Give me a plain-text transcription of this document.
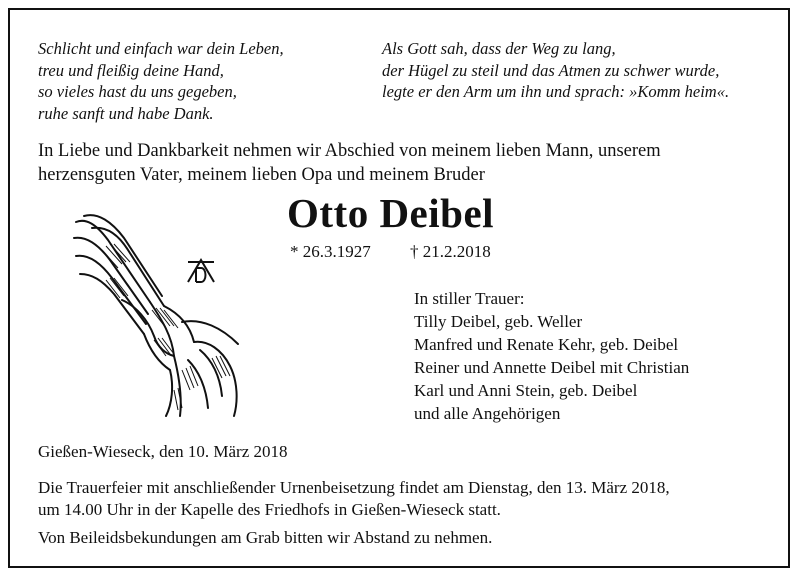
Schlicht und einfach war dein Leben,
treu und fleißig deine Hand,
so vieles hast du uns gegeben,
ruhe sanft und habe Dank.
Als Gott sah, dass der Weg zu lang,
der Hügel zu steil und das Atmen zu schwer wurde,
legte er den Arm um ihn und sprach: »Komm heim«.
In Liebe und Dankbarkeit nehmen wir Abschied von meinem lieben Mann, unserem
herzensguten Vater, meinem lieben Opa und meinem Bruder
Otto Deibel
* 26.3.1927 † 21.2.2018
In stiller Trauer:
Tilly Deibel, geb. Weller
Manfred und Renate Kehr, geb. Deibel
Reiner und Annette Deibel mit Christian
Karl und Anni Stein, geb. Deibel
und alle Angehörigen
Gießen-Wieseck, den 10. März 2018
Die Trauerfeier mit anschließender Urnenbeisetzung findet am Dienstag, den 13. März 2018,
um 14.00 Uhr in der Kapelle des Friedhofs in Gießen-Wieseck statt.
Von Beileidsbekundungen am Grab bitten wir Abstand zu nehmen.
